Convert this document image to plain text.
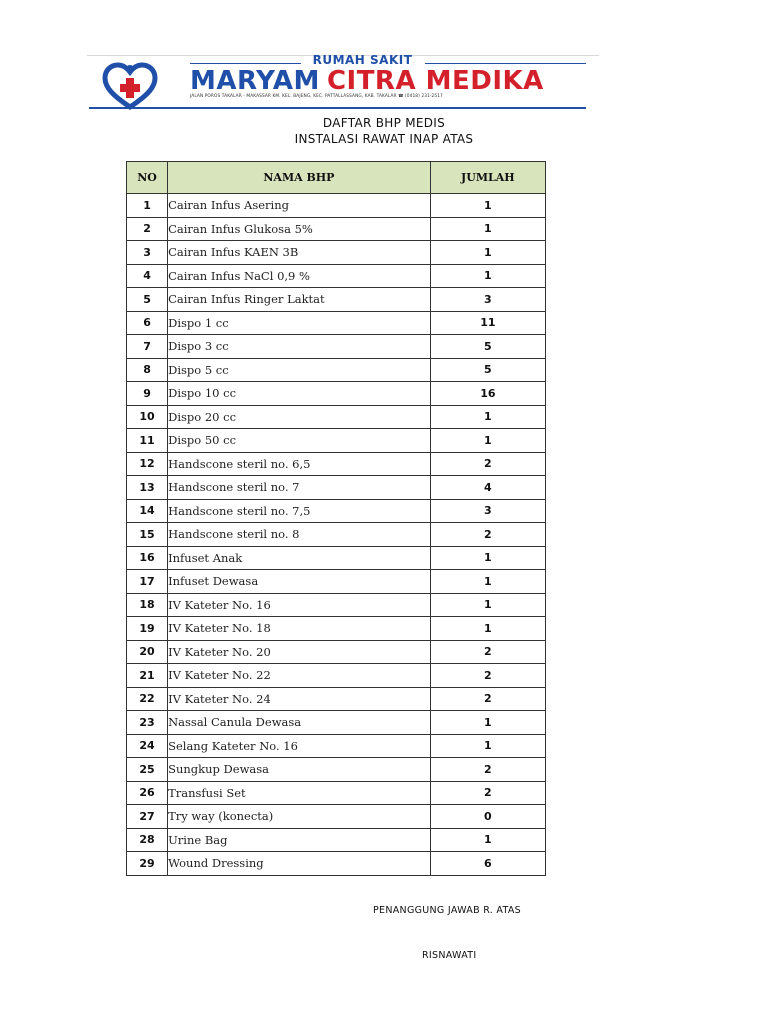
RUMAH SAKIT
MARYAM CITRA MEDIKA
JALAN POROS TAKALAR - MAKASSAR KM. KEL. BAJENG, KEC. PATTALLASSANG, KAB. TAKALAR ☎ (0418) 231-2517
DAFTAR BHP MEDIS
INSTALASI RAWAT INAP ATAS
NO	NAMA BHP	JUMLAH
1	Cairan Infus Asering	1
2	Cairan Infus Glukosa 5%	1
3	Cairan Infus KAEN 3B	1
4	Cairan Infus NaCl 0,9 %	1
5	Cairan Infus Ringer Laktat	3
6	Dispo 1 cc	11
7	Dispo 3 cc	5
8	Dispo 5 cc	5
9	Dispo 10 cc	16
10	Dispo 20 cc	1
11	Dispo 50 cc	1
12	Handscone steril no. 6,5	2
13	Handscone steril no. 7	4
14	Handscone steril no. 7,5	3
15	Handscone steril no. 8	2
16	Infuset Anak	1
17	Infuset Dewasa	1
18	IV Kateter No. 16	1
19	IV Kateter No. 18	1
20	IV Kateter No. 20	2
21	IV Kateter No. 22	2
22	IV Kateter No. 24	2
23	Nassal Canula Dewasa	1
24	Selang Kateter No. 16	1
25	Sungkup Dewasa	2
26	Transfusi Set	2
27	Try way (konecta)	0
28	Urine Bag	1
29	Wound Dressing	6
PENANGGUNG JAWAB R. ATAS
RISNAWATI
